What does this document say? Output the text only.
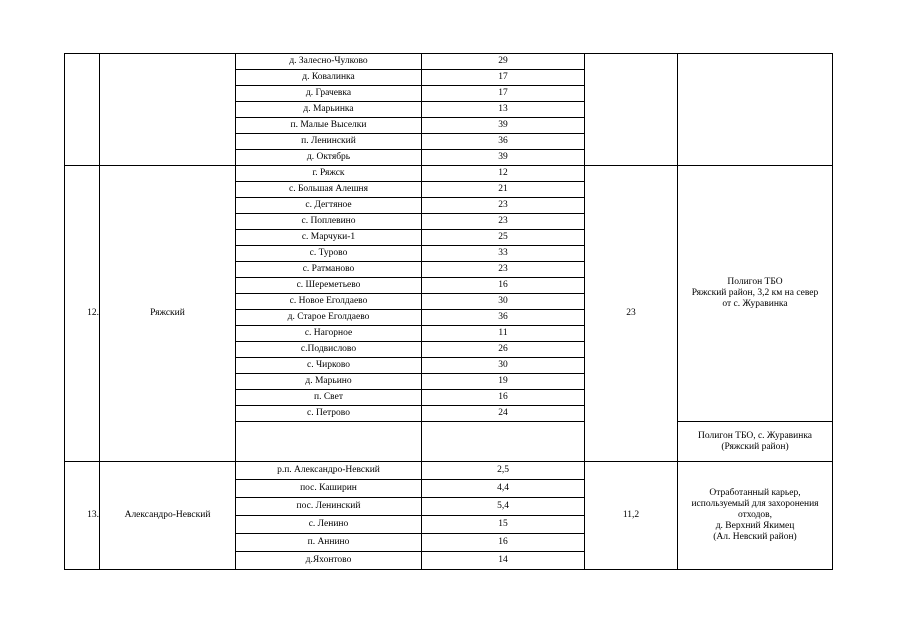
		д. Залесно-Чулково	29		
		д. Ковалинка	17		
		д. Грачевка	17		
		д. Марьинка	13		
		п. Малые Выселки	39		
		п. Ленинский	36		
		д. Октябрь	39		
12.	Ряжский	г. Ряжск	12	23	Полигон ТБО
Ряжский район, 3,2 км на север
от с. Журавинка
		с. Большая Алешня	21		
		с. Дегтяное	23		
		с. Поплевино	23		
		с. Марчуки-1	25		
		с. Турово	33		
		с. Ратманово	23		
		с. Шереметьево	16		
		с. Новое Еголдаево	30		
		д. Старое Еголдаево	36		
		с. Нагорное	11		
		с.Подвислово	26		
		с. Чирково	30		
		д. Марьино	19		
		п. Свет	16		
		с. Петрово	24		
					Полигон ТБО, с. Журавинка
(Ряжский район)
13.	Александро-Невский	р.п. Александро-Невский	2,5	11,2	Отработанный карьер,
используемый для захоронения
отходов,
д. Верхний Якимец
(Ал. Невский район)
		пос. Каширин	4,4		
		пос. Ленинский	5,4		
		с. Ленино	15		
		п. Аннино	16		
		д.Яхонтово	14		
